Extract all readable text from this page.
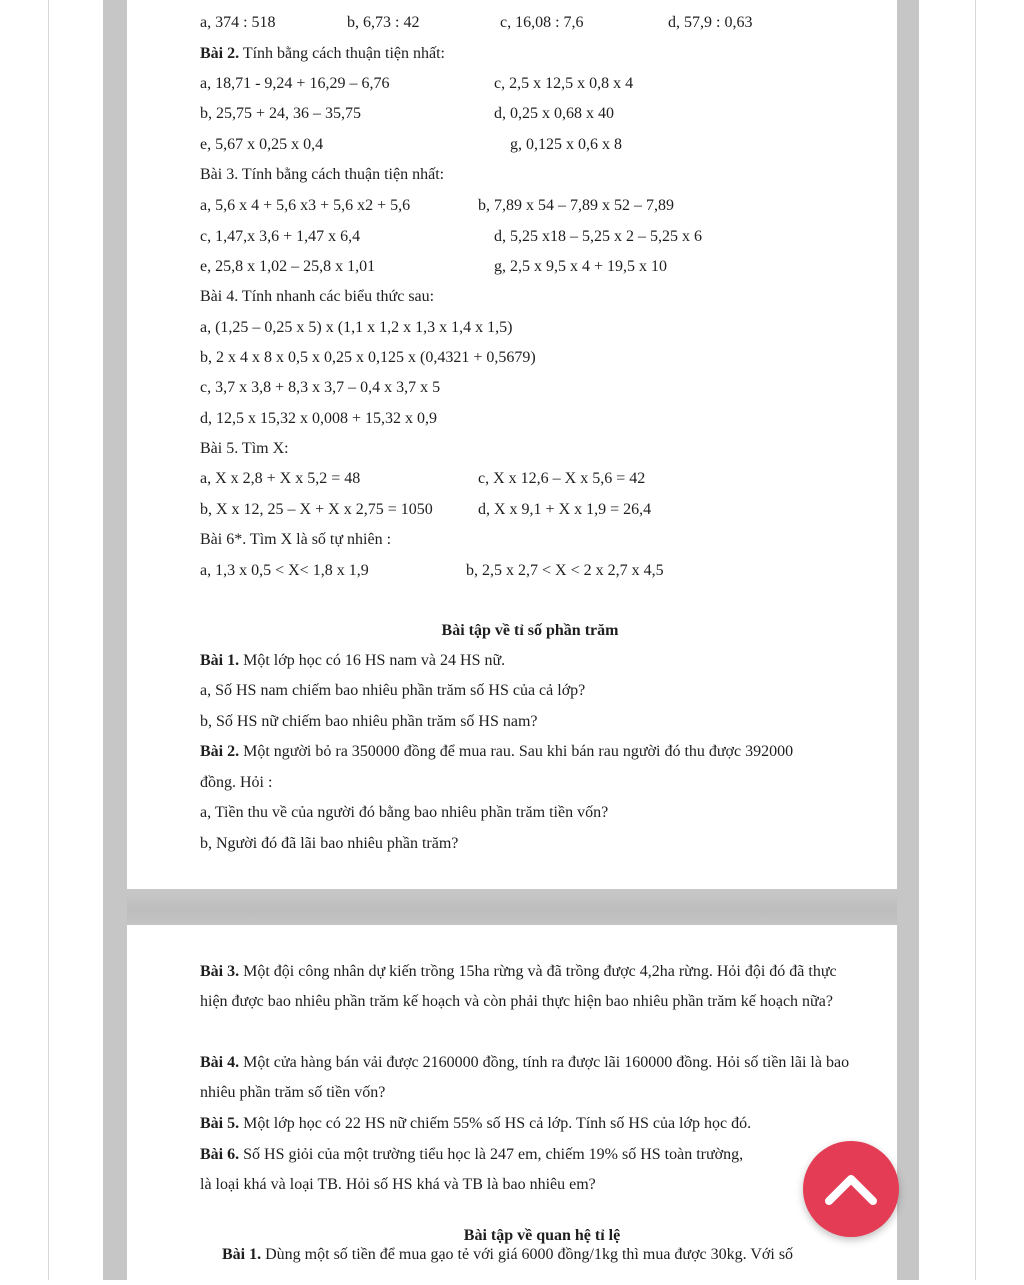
a, 374 : 518	b, 6,73 : 42	c, 16,08 : 7,6	d, 57,9 : 0,63
Bài 2. Tính bằng cách thuận tiện nhất:
a, 18,71 - 9,24 + 16,29 – 6,76	c, 2,5 x 12,5 x 0,8 x 4
b, 25,75 + 24, 36 – 35,75	d, 0,25 x 0,68 x 40
e, 5,67 x 0,25 x 0,4	g, 0,125 x 0,6 x 8
Bài 3. Tính bằng cách thuận tiện nhất:
a, 5,6 x 4 + 5,6 x3 + 5,6 x2 + 5,6	b, 7,89 x 54 – 7,89 x 52 – 7,89
c, 1,47,x 3,6 + 1,47 x 6,4	d, 5,25 x18 – 5,25 x 2 – 5,25 x 6
e, 25,8 x 1,02 – 25,8 x 1,01	g, 2,5 x 9,5 x 4 + 19,5 x 10
Bài 4. Tính nhanh các biểu thức sau:
a, (1,25 – 0,25 x 5) x (1,1 x 1,2 x 1,3 x 1,4 x 1,5)
b, 2 x 4 x 8 x 0,5 x 0,25 x 0,125 x (0,4321 + 0,5679)
c, 3,7 x 3,8 + 8,3 x 3,7 – 0,4 x 3,7 x 5
d, 12,5 x 15,32 x 0,008 + 15,32 x 0,9
Bài 5. Tìm X:
a, X x 2,8 + X x 5,2 = 48	c, X x 12,6 – X x 5,6 = 42
b, X x 12, 25 – X + X x 2,75 = 1050	d, X x 9,1 + X x 1,9 = 26,4
Bài 6*. Tìm X là số tự nhiên :
a, 1,3 x 0,5 < X< 1,8 x 1,9	b, 2,5 x 2,7 < X < 2 x 2,7 x 4,5
Bài tập về tỉ số phần trăm
Bài 1. Một lớp học có 16 HS nam và 24 HS nữ.
a, Số HS nam chiếm bao nhiêu phần trăm số HS của cả lớp?
b, Số HS nữ chiếm bao nhiêu phần trăm số HS nam?
Bài 2. Một người bỏ ra 350000 đồng để mua rau. Sau khi bán rau người đó thu được 392000
đồng. Hỏi :
a, Tiền thu về của người đó bằng bao nhiêu phần trăm tiền vốn?
b, Người đó đã lãi bao nhiêu phần trăm?
Bài 3. Một đội công nhân dự kiến trồng 15ha rừng và đã trồng được 4,2ha rừng. Hỏi đội đó đã thực hiện được bao nhiêu phần trăm kế hoạch và còn phải thực hiện bao nhiêu phần trăm kế hoạch nữa?
Bài 4. Một cửa hàng bán vải được 2160000 đồng, tính ra được lãi 160000 đồng. Hỏi số tiền lãi là bao nhiêu phần trăm số tiền vốn?
Bài 5. Một lớp học có 22 HS nữ chiếm 55% số HS cả lớp. Tính số HS của lớp học đó.
Bài 6. Số HS giỏi của một trường tiểu học là 247 em, chiếm 19% số HS toàn trường,
là loại khá và loại TB. Hỏi số HS khá và TB là bao nhiêu em?
Bài tập về quan hệ tỉ lệ
Bài 1. Dùng một số tiền để mua gạo tẻ với giá 6000 đồng/1kg thì mua được 30kg. Với số
